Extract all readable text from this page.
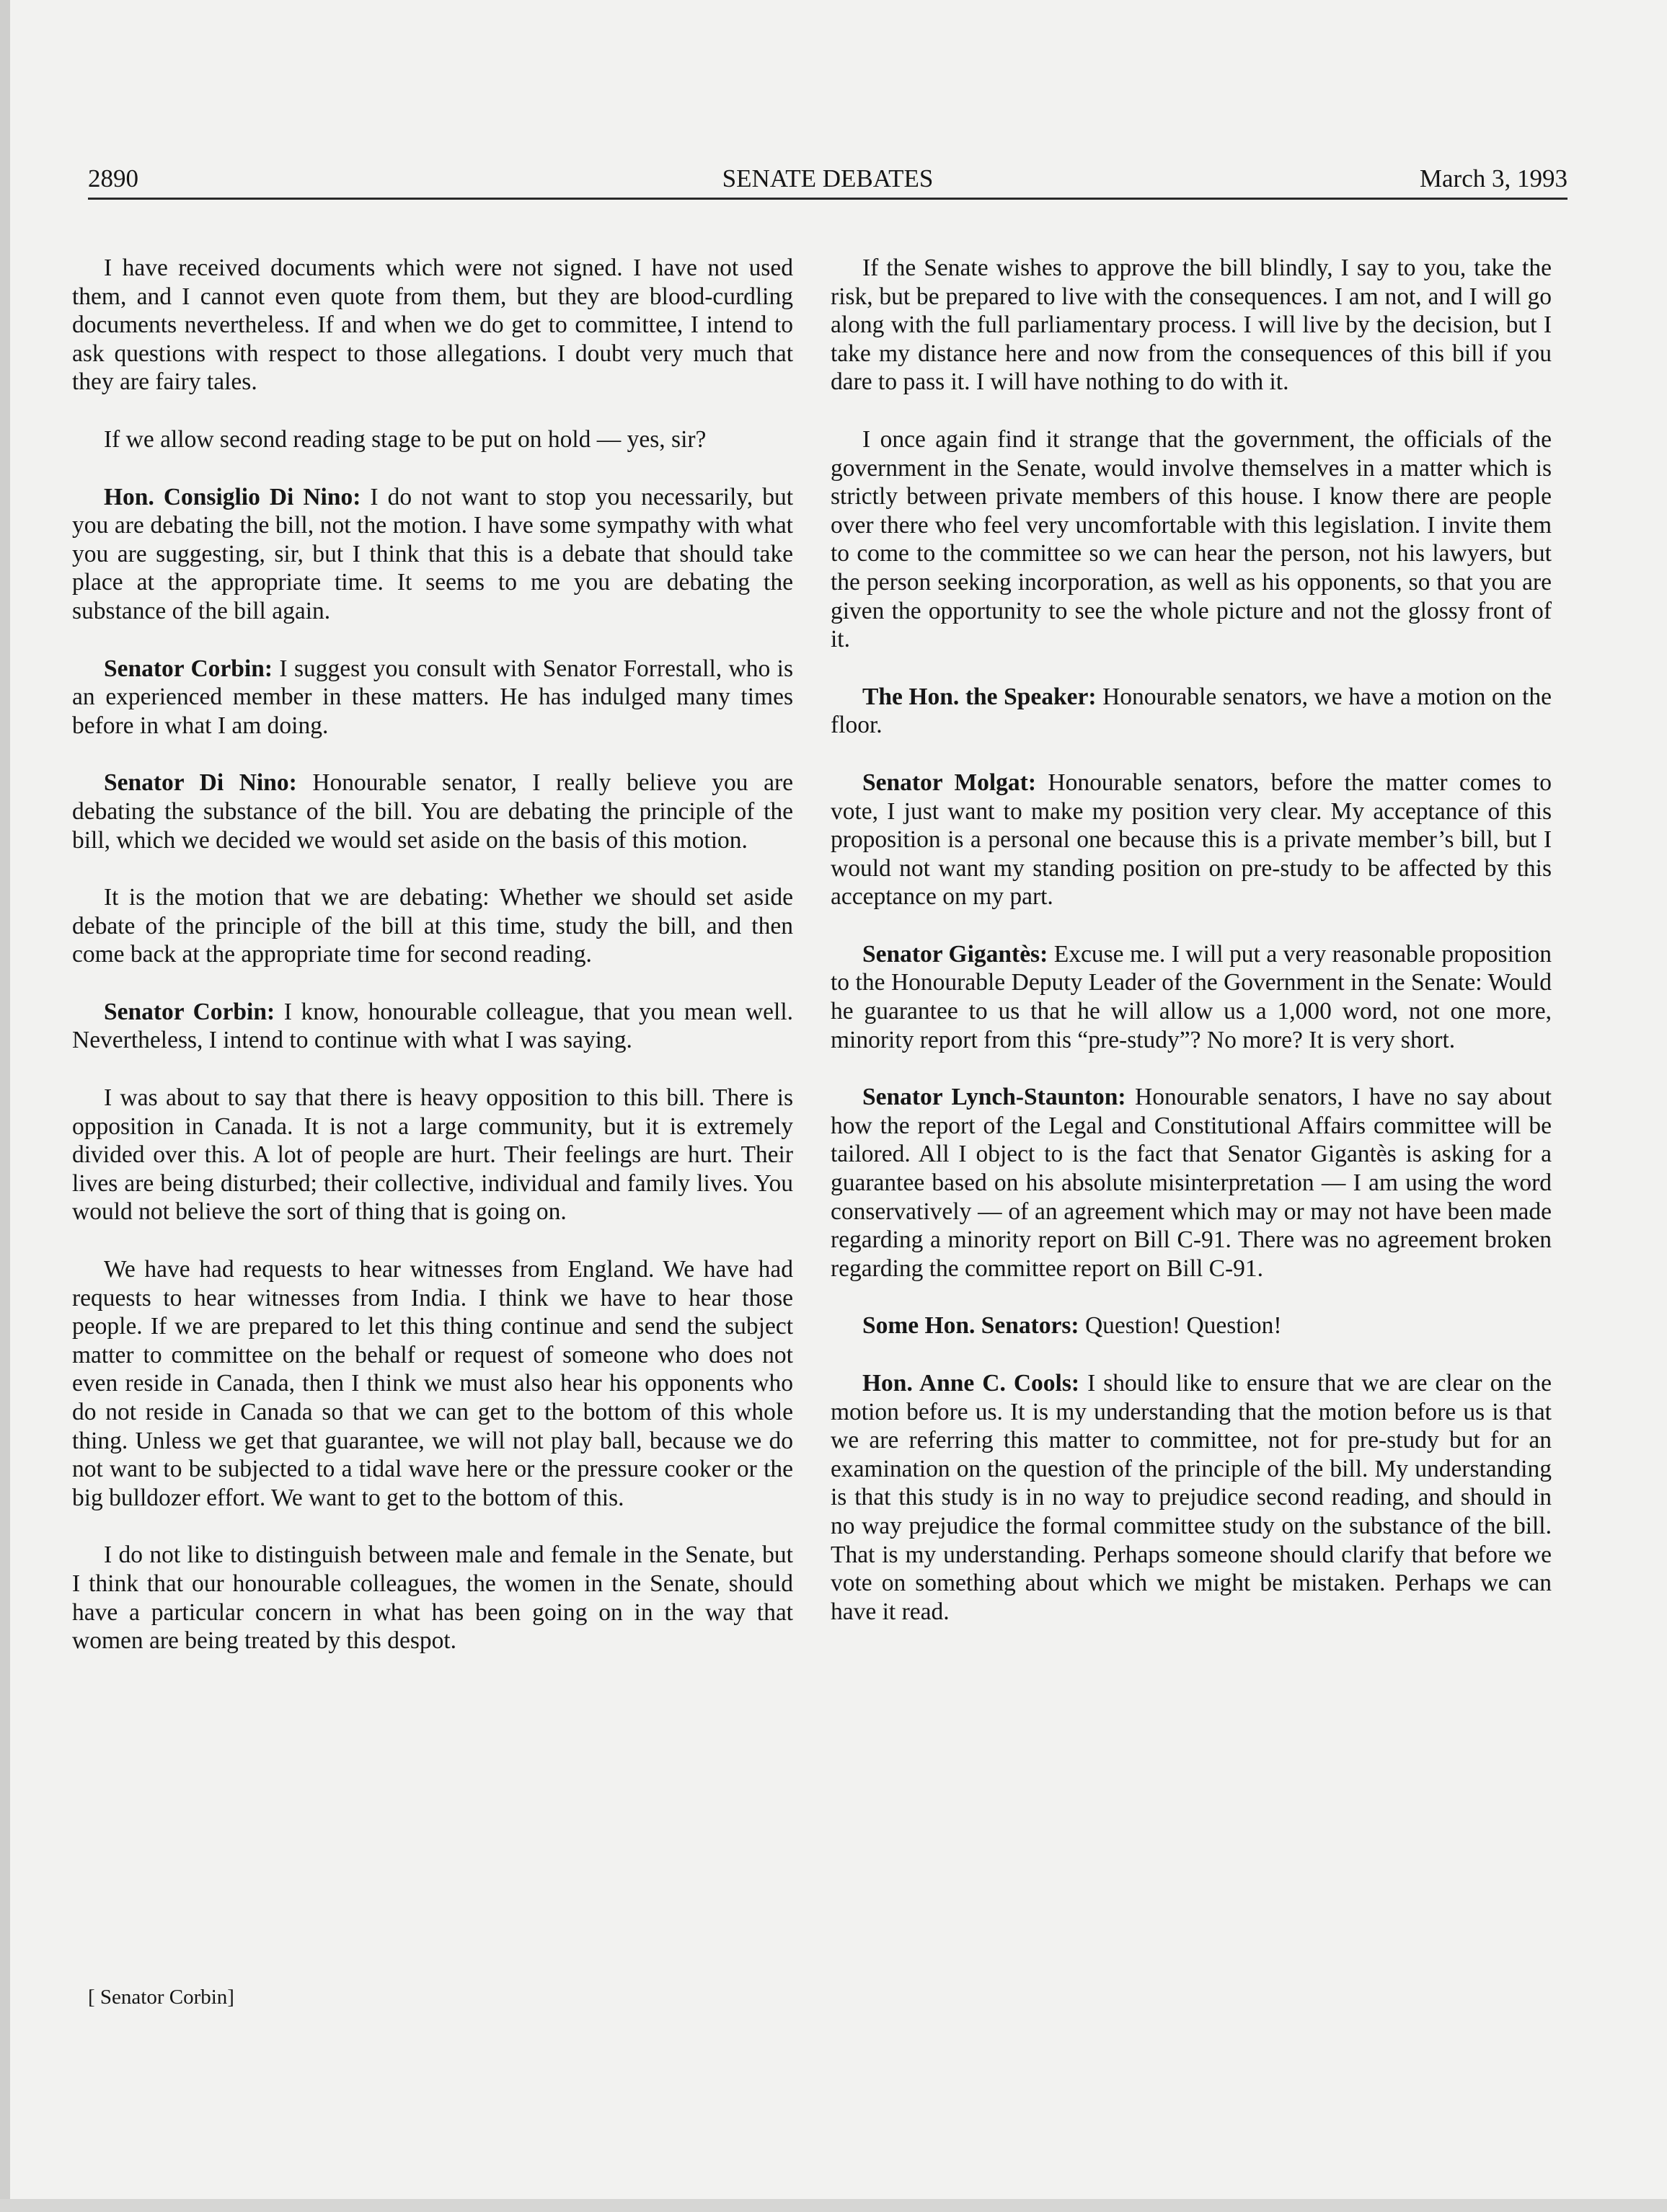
2890	SENATE DEBATES	March 3, 1993

I have received documents which were not signed. I have not used them, and I cannot even quote from them, but they are blood-curdling documents nevertheless. If and when we do get to committee, I intend to ask questions with respect to those allegations. I doubt very much that they are fairy tales.

If we allow second reading stage to be put on hold — yes, sir?

Hon. Consiglio Di Nino: I do not want to stop you necessarily, but you are debating the bill, not the motion. I have some sympathy with what you are suggesting, sir, but I think that this is a debate that should take place at the appropriate time. It seems to me you are debating the substance of the bill again.

Senator Corbin: I suggest you consult with Senator Forrestall, who is an experienced member in these matters. He has indulged many times before in what I am doing.

Senator Di Nino: Honourable senator, I really believe you are debating the substance of the bill. You are debating the principle of the bill, which we decided we would set aside on the basis of this motion.

It is the motion that we are debating: Whether we should set aside debate of the principle of the bill at this time, study the bill, and then come back at the appropriate time for second reading.

Senator Corbin: I know, honourable colleague, that you mean well. Nevertheless, I intend to continue with what I was saying.

I was about to say that there is heavy opposition to this bill. There is opposition in Canada. It is not a large community, but it is extremely divided over this. A lot of people are hurt. Their feelings are hurt. Their lives are being disturbed; their collective, individual and family lives. You would not believe the sort of thing that is going on.

We have had requests to hear witnesses from England. We have had requests to hear witnesses from India. I think we have to hear those people. If we are prepared to let this thing continue and send the subject matter to committee on the behalf or request of someone who does not even reside in Canada, then I think we must also hear his opponents who do not reside in Canada so that we can get to the bottom of this whole thing. Unless we get that guarantee, we will not play ball, because we do not want to be subjected to a tidal wave here or the pressure cooker or the big bulldozer effort. We want to get to the bottom of this.

I do not like to distinguish between male and female in the Senate, but I think that our honourable colleagues, the women in the Senate, should have a particular concern in what has been going on in the way that women are being treated by this despot.

If the Senate wishes to approve the bill blindly, I say to you, take the risk, but be prepared to live with the consequences. I am not, and I will go along with the full parliamentary process. I will live by the decision, but I take my distance here and now from the consequences of this bill if you dare to pass it. I will have nothing to do with it.

I once again find it strange that the government, the officials of the government in the Senate, would involve themselves in a matter which is strictly between private members of this house. I know there are people over there who feel very uncomfortable with this legislation. I invite them to come to the committee so we can hear the person, not his lawyers, but the person seeking incorporation, as well as his opponents, so that you are given the opportunity to see the whole picture and not the glossy front of it.

The Hon. the Speaker: Honourable senators, we have a motion on the floor.

Senator Molgat: Honourable senators, before the matter comes to vote, I just want to make my position very clear. My acceptance of this proposition is a personal one because this is a private member’s bill, but I would not want my standing position on pre-study to be affected by this acceptance on my part.

Senator Gigantès: Excuse me. I will put a very reasonable proposition to the Honourable Deputy Leader of the Government in the Senate: Would he guarantee to us that he will allow us a 1,000 word, not one more, minority report from this “pre-study”? No more? It is very short.

Senator Lynch-Staunton: Honourable senators, I have no say about how the report of the Legal and Constitutional Affairs committee will be tailored. All I object to is the fact that Senator Gigantès is asking for a guarantee based on his absolute misinterpretation — I am using the word conservatively — of an agreement which may or may not have been made regarding a minority report on Bill C-91. There was no agreement broken regarding the committee report on Bill C-91.

Some Hon. Senators: Question! Question!

Hon. Anne C. Cools: I should like to ensure that we are clear on the motion before us. It is my understanding that the motion before us is that we are referring this matter to committee, not for pre-study but for an examination on the question of the principle of the bill. My understanding is that this study is in no way to prejudice second reading, and should in no way prejudice the formal committee study on the substance of the bill. That is my understanding. Perhaps someone should clarify that before we vote on something about which we might be mistaken. Perhaps we can have it read.

[ Senator Corbin]
